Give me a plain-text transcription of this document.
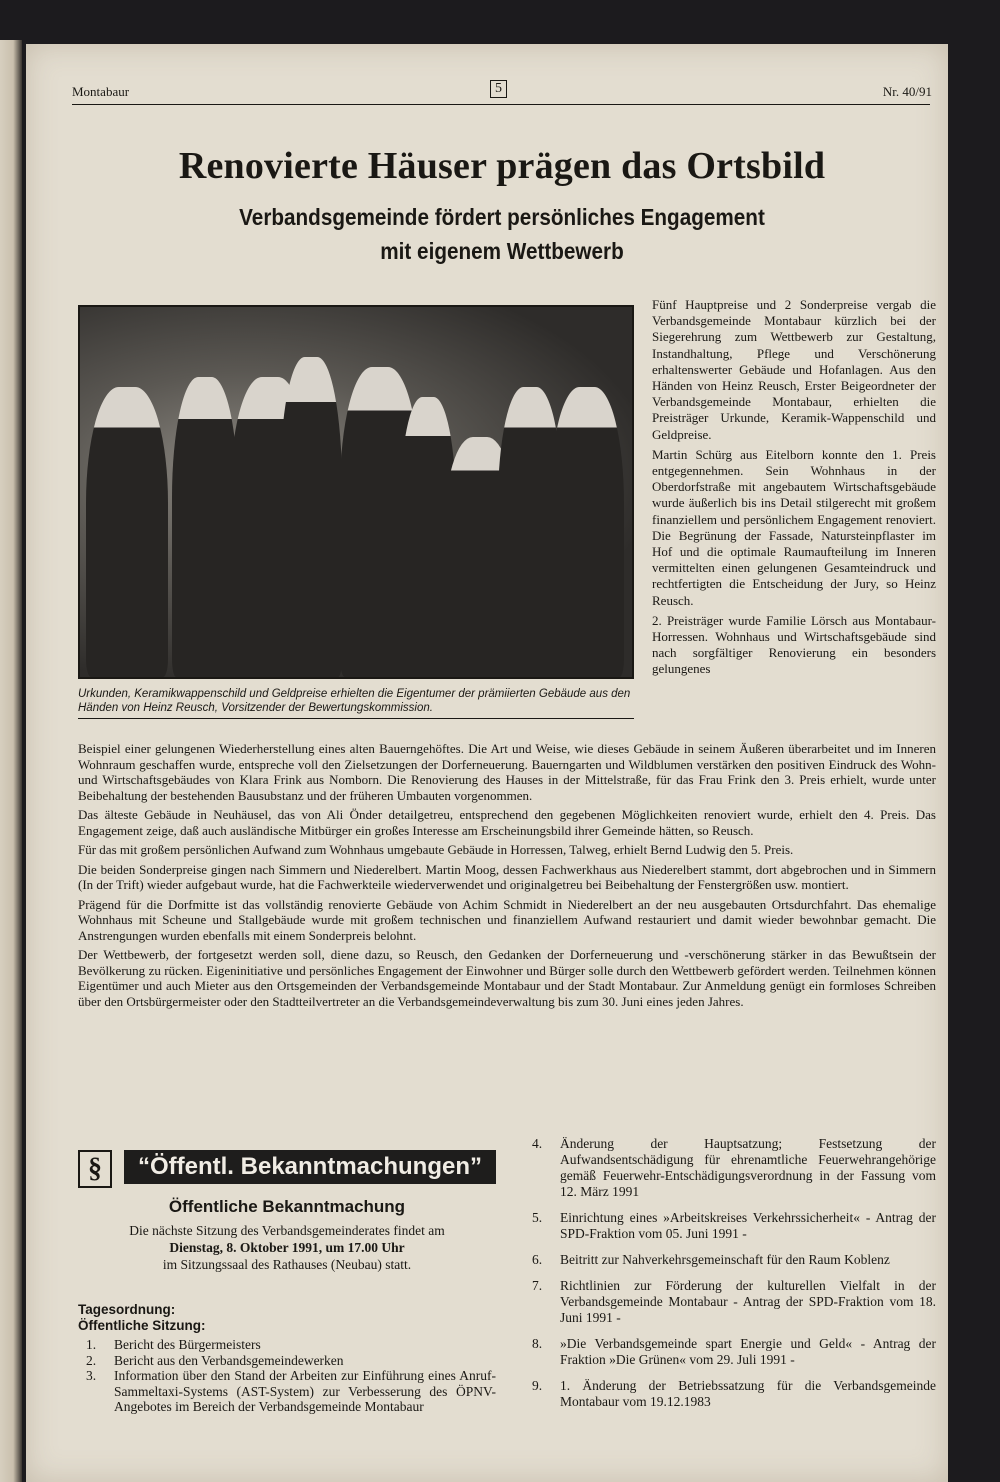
Montabaur	5	Nr. 40/91
Renovierte Häuser prägen das Ortsbild
Verbandsgemeinde fördert persönliches Engagement
mit eigenem Wettbewerb
Urkunden, Keramikwappenschild und Geldpreise erhielten die Eigentumer der prämiierten Gebäude aus den Händen von Heinz Reusch, Vorsitzender der Bewertungskommission.

Fünf Hauptpreise und 2 Sonderpreise vergab die Verbandsgemeinde Montabaur kürzlich bei der Siegerehrung zum Wettbewerb zur Gestaltung, Instandhaltung, Pflege und Verschönerung erhaltenswerter Gebäude und Hofanlagen. Aus den Händen von Heinz Reusch, Erster Beigeordneter der Verbandsgemeinde Montabaur, erhielten die Preisträger Urkunde, Keramik-Wappenschild und Geldpreise.

Martin Schürg aus Eitelborn konnte den 1. Preis entgegennehmen. Sein Wohnhaus in der Oberdorfstraße mit angebautem Wirtschaftsgebäude wurde äußerlich bis ins Detail stilgerecht mit großem finanziellem und persönlichem Engagement renoviert. Die Begrünung der Fassade, Natursteinpflaster im Hof und die optimale Raumaufteilung im Inneren vermittelten einen gelungenen Gesamteindruck und rechtfertigten die Entscheidung der Jury, so Heinz Reusch.

2. Preisträger wurde Familie Lörsch aus Montabaur-Horressen. Wohnhaus und Wirtschaftsgebäude sind nach sorgfältiger Renovierung ein besonders gelungenes

Beispiel einer gelungenen Wiederherstellung eines alten Bauerngehöftes. Die Art und Weise, wie dieses Gebäude in seinem Äußeren überarbeitet und im Inneren Wohnraum geschaffen wurde, entspreche voll den Zielsetzungen der Dorferneuerung. Bauerngarten und Wildblumen verstärken den positiven Eindruck des Wohn- und Wirtschaftsgebäudes von Klara Frink aus Nomborn. Die Renovierung des Hauses in der Mittelstraße, für das Frau Frink den 3. Preis erhielt, wurde unter Beibehaltung der bestehenden Bausubstanz und der früheren Umbauten vorgenommen.

Das älteste Gebäude in Neuhäusel, das von Ali Önder detailgetreu, entsprechend den gegebenen Möglichkeiten renoviert wurde, erhielt den 4. Preis. Das Engagement zeige, daß auch ausländische Mitbürger ein großes Interesse am Erscheinungsbild ihrer Gemeinde hätten, so Reusch.

Für das mit großem persönlichen Aufwand zum Wohnhaus umgebaute Gebäude in Horressen, Talweg, erhielt Bernd Ludwig den 5. Preis.

Die beiden Sonderpreise gingen nach Simmern und Niederelbert. Martin Moog, dessen Fachwerkhaus aus Niederelbert stammt, dort abgebrochen und in Simmern (In der Trift) wieder aufgebaut wurde, hat die Fachwerkteile wiederverwendet und originalgetreu bei Beibehaltung der Fenstergrößen usw. montiert.

Prägend für die Dorfmitte ist das vollständig renovierte Gebäude von Achim Schmidt in Niederelbert an der neu ausgebauten Ortsdurchfahrt. Das ehemalige Wohnhaus mit Scheune und Stallgebäude wurde mit großem technischen und finanziellem Aufwand restauriert und damit wieder bewohnbar gemacht. Die Anstrengungen wurden ebenfalls mit einem Sonderpreis belohnt.

Der Wettbewerb, der fortgesetzt werden soll, diene dazu, so Reusch, den Gedanken der Dorferneuerung und -verschönerung stärker in das Bewußtsein der Bevölkerung zu rücken. Eigeninitiative und persönliches Engagement der Einwohner und Bürger solle durch den Wettbewerb gefördert werden. Teilnehmen können Eigentümer und auch Mieter aus den Ortsgemeinden der Verbandsgemeinde Montabaur und der Stadt Montabaur. Zur Anmeldung genügt ein formloses Schreiben über den Ortsbürgermeister oder den Stadtteilvertreter an die Verbandsgemeindeverwaltung bis zum 30. Juni eines jeden Jahres.

§	“Öffentl. Bekanntmachungen”
Öffentliche Bekanntmachung
Die nächste Sitzung des Verbandsgemeinderates findet am
Dienstag, 8. Oktober 1991, um 17.00 Uhr
im Sitzungssaal des Rathauses (Neubau) statt.
Tagesordnung:
Öffentliche Sitzung:
1. Bericht des Bürgermeisters
2. Bericht aus den Verbandsgemeindewerken
3. Information über den Stand der Arbeiten zur Einführung eines Anruf-Sammeltaxi-Systems (AST-System) zur Verbesserung des ÖPNV-Angebotes im Bereich der Verbandsgemeinde Montabaur
4. Änderung der Hauptsatzung; Festsetzung der Aufwandsentschädigung für ehrenamtliche Feuerwehrangehörige gemäß Feuerwehr-Entschädigungsverordnung in der Fassung vom 12. März 1991
5. Einrichtung eines »Arbeitskreises Verkehrssicherheit« - Antrag der SPD-Fraktion vom 05. Juni 1991 -
6. Beitritt zur Nahverkehrsgemeinschaft für den Raum Koblenz
7. Richtlinien zur Förderung der kulturellen Vielfalt in der Verbandsgemeinde Montabaur - Antrag der SPD-Fraktion vom 18. Juni 1991 -
8. »Die Verbandsgemeinde spart Energie und Geld« - Antrag der Fraktion »Die Grünen« vom 29. Juli 1991 -
9. 1. Änderung der Betriebssatzung für die Verbandsgemeinde Montabaur vom 19.12.1983
